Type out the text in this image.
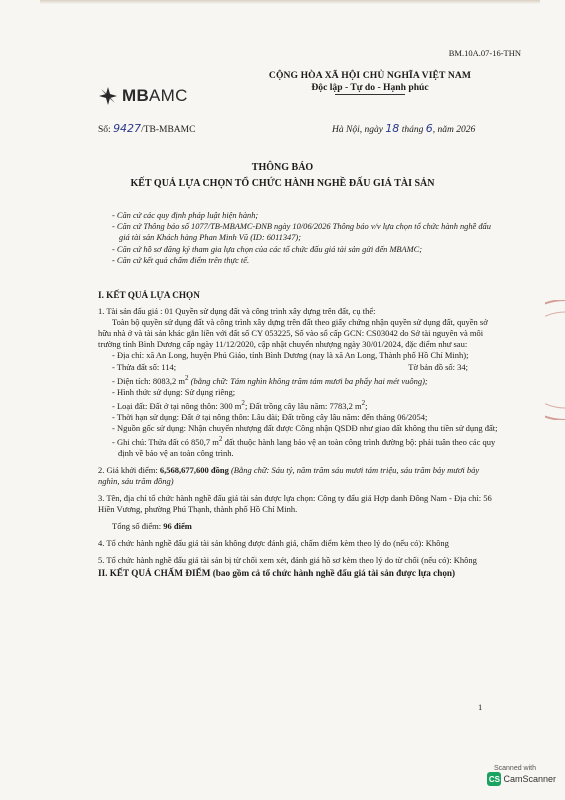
BM.10A.07-16-THN
MBAMC
CỘNG HÒA XÃ HỘI CHỦ NGHĨA VIỆT NAM
Độc lập - Tự do - Hạnh phúc
Số:
9427 /TB-MBAMC	Hà Nội, ngày
18
tháng
6 , năm 2026
THÔNG BÁO
KẾT QUẢ LỰA CHỌN TỔ CHỨC HÀNH NGHỀ ĐẤU GIÁ TÀI SẢN
- Căn cứ các quy định pháp luật hiện hành;
- Căn cứ Thông báo số 1077/TB-MBAMC-ĐNB ngày 10/06/2026 Thông báo v/v lựa chọn tổ chức hành nghề đấu giá tài sản Khách hàng Phan Minh Vũ (ID: 6011347);
- Căn cứ hồ sơ đăng ký tham gia lựa chọn của các tổ chức đấu giá tài sản gửi đến MBAMC;
- Căn cứ kết quả chấm điểm trên thực tế.
I. KẾT QUẢ LỰA CHỌN

1. Tài sản đấu giá : 01 Quyền sử dụng đất và công trình xây dựng trên đất, cụ thể:

Toàn bộ quyền sử dụng đất và công trình xây dựng trên đất theo giấy chứng nhận quyền sử dụng đất, quyền sở hữu nhà ở và tài sản khác gắn liền với đất số CY 053225, Số vào sổ cấp GCN: CS03042 do Sở tài nguyên và môi trường tỉnh Bình Dương cấp ngày 11/12/2020, cập nhật chuyển nhượng ngày 30/01/2024, đặc điểm như sau:

- Địa chỉ: xã An Long, huyện Phú Giáo, tỉnh Bình Dương (nay là xã An Long, Thành phố Hồ Chí Minh);
- Thửa đất số: 114;	Tờ bản đồ số: 34;
- Diện tích: 8083,2 $m^2$ (bằng chữ: Tám nghìn không trăm tám mươi ba phẩy hai mét vuông);
- Hình thức sử dụng: Sử dụng riêng;
- Loại đất: Đất ở tại nông thôn: 300 $m^2$; Đất trồng cây lâu năm: 7783,2 $m^2$;
- Thời hạn sử dụng: Đất ở tại nông thôn: Lâu dài; Đất trồng cây lâu năm: đến tháng 06/2054;
- Nguồn gốc sử dụng: Nhận chuyển nhượng đất được Công nhận QSDĐ như giao đất không thu tiền sử dụng đất;
- Ghi chú: Thửa đất có 850,7 $m^2$ đất thuộc hành lang bảo vệ an toàn công trình đường bộ: phải tuân theo các quy định về bảo vệ an toàn công trình.

2. Giá khởi điểm: 6,568,677,600 đồng (Bằng chữ: Sáu tỷ, năm trăm sáu mươi tám triệu, sáu trăm bảy mươi bảy nghìn, sáu trăm đồng)

3. Tên, địa chỉ tổ chức hành nghề đấu giá tài sản được lựa chọn: Công ty đấu giá Hợp danh Đông Nam - Địa chỉ: 56 Hiền Vương, phường Phú Thạnh, thành phố Hồ Chí Minh.

Tổng số điểm: 96 điểm

4. Tổ chức hành nghề đấu giá tài sản không được đánh giá, chấm điểm kèm theo lý do (nếu có): Không

5. Tổ chức hành nghề đấu giá tài sản bị từ chối xem xét, đánh giá hồ sơ kèm theo lý do từ chối (nếu có): Không

II. KẾT QUẢ CHẤM ĐIỂM (bao gồm cả tổ chức hành nghề đấu giá tài sản được lựa chọn)
1
Scanned with
CS CamScanner
